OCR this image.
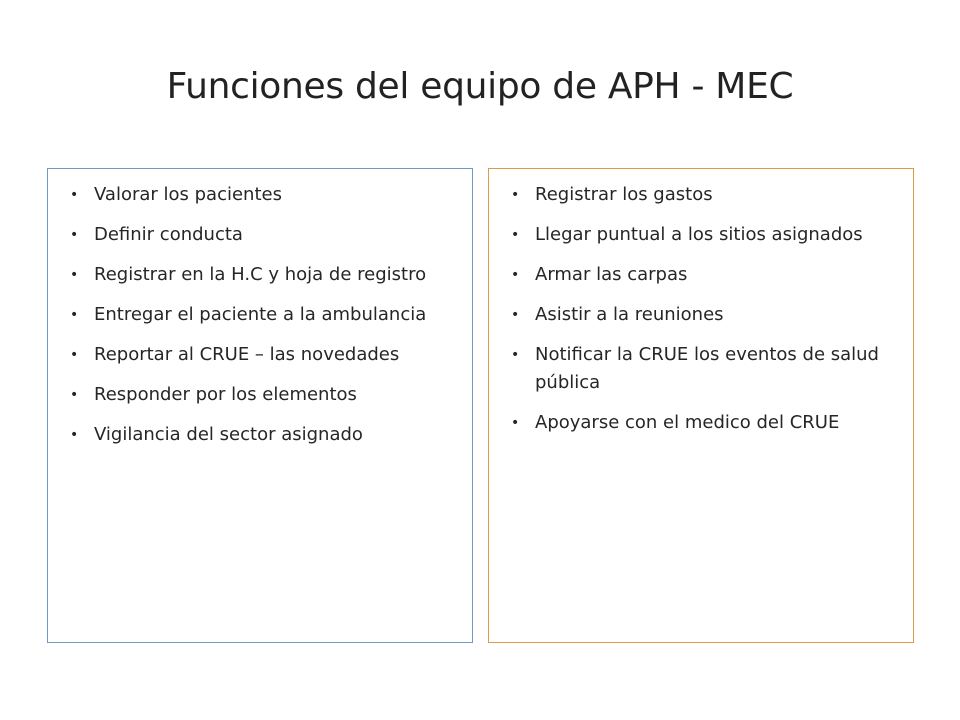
Funciones del equipo de APH - MEC
• Valorar los pacientes
• Definir conducta
• Registrar en la H.C y hoja de registro
• Entregar el paciente a la ambulancia
• Reportar al CRUE – las novedades
• Responder por los elementos
• Vigilancia del sector asignado
• Registrar los gastos
• Llegar puntual a los sitios asignados
• Armar las carpas
• Asistir a la reuniones
• Notificar la CRUE los eventos de salud pública
• Apoyarse con el medico del CRUE
